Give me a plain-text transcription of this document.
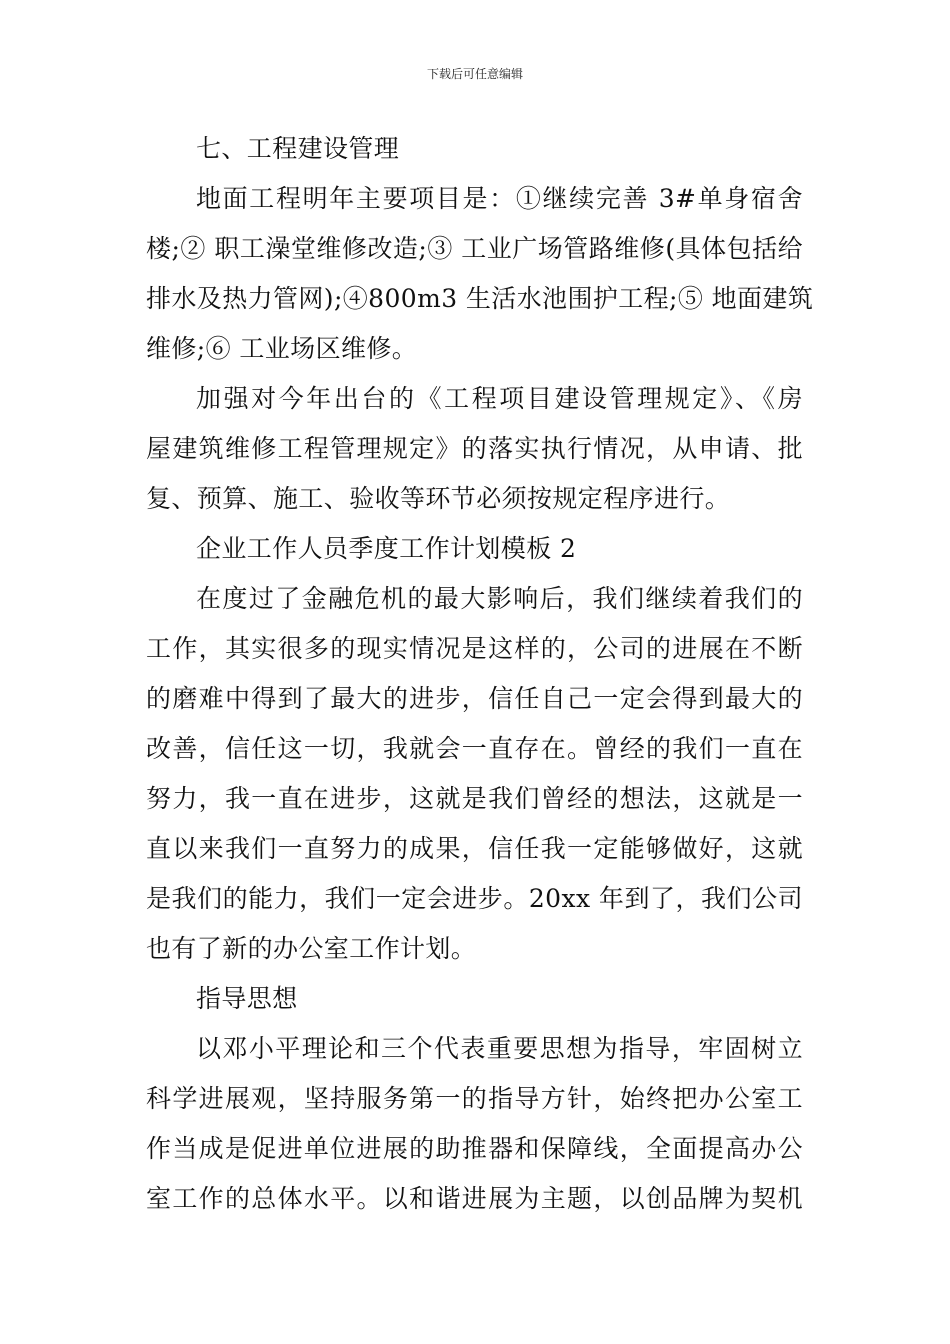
下载后可任意编辑
七、工程建设管理
地面工程明年主要项目是：①继续完善 3#单身宿舍
楼;② 职工澡堂维修改造;③ 工业广场管路维修(具体包括给
排水及热力管网);④800m3 生活水池围护工程;⑤ 地面建筑
维修;⑥ 工业场区维修。
加强对今年出台的《工程项目建设管理规定》、《房
屋建筑维修工程管理规定》的落实执行情况，从申请、批
复、预算、施工、验收等环节必须按规定程序进行。
企业工作人员季度工作计划模板 2
在度过了金融危机的最大影响后，我们继续着我们的
工作，其实很多的现实情况是这样的，公司的进展在不断
的磨难中得到了最大的进步，信任自己一定会得到最大的
改善，信任这一切，我就会一直存在。曾经的我们一直在
努力，我一直在进步，这就是我们曾经的想法，这就是一
直以来我们一直努力的成果，信任我一定能够做好，这就
是我们的能力，我们一定会进步。20xx 年到了，我们公司
也有了新的办公室工作计划。
指导思想
以邓小平理论和三个代表重要思想为指导，牢固树立
科学进展观，坚持服务第一的指导方针，始终把办公室工
作当成是促进单位进展的助推器和保障线，全面提高办公
室工作的总体水平。以和谐进展为主题，以创品牌为契机
